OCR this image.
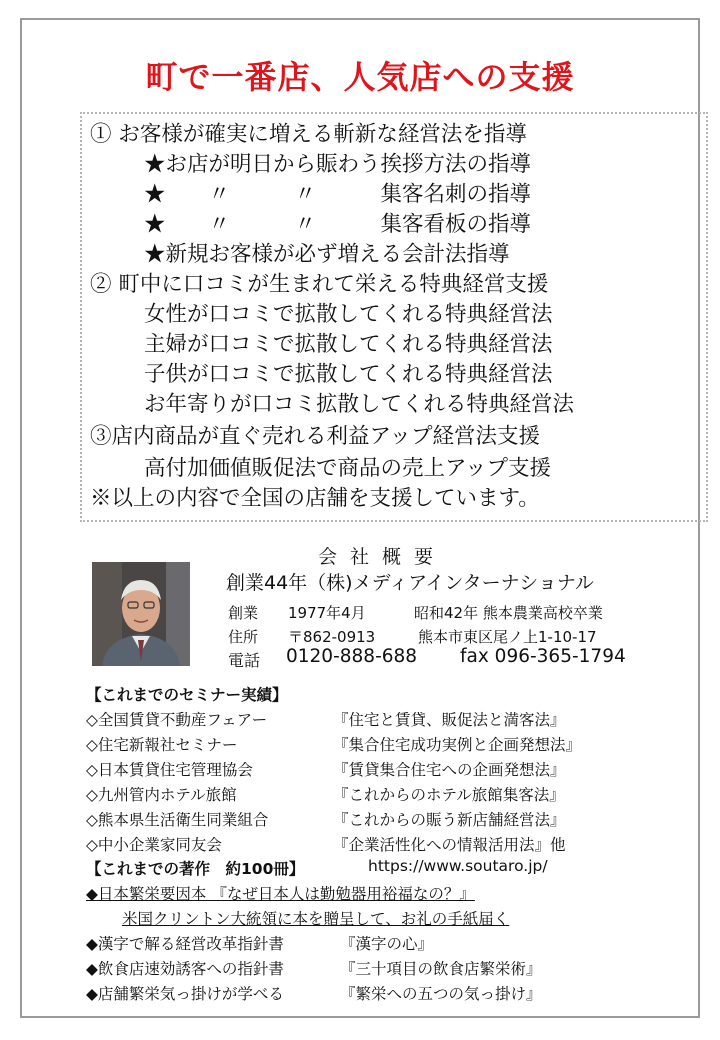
町で一番店、人気店への支援
① お客様が確実に増える斬新な経営法を指導
★お店が明日から賑わう挨拶方法の指導
★　　〃　　　〃　　　集客名刺の指導
★　　〃　　　〃　　　集客看板の指導
★新規お客様が必ず増える会計法指導
② 町中に口コミが生まれて栄える特典経営支援
女性が口コミで拡散してくれる特典経営法
主婦が口コミで拡散してくれる特典経営法
子供が口コミで拡散してくれる特典経営法
お年寄りが口コミ拡散してくれる特典経営法
③店内商品が直ぐ売れる利益アップ経営法支援
高付加価値販促法で商品の売上アップ支援
※以上の内容で全国の店舗を支援しています。
会社概要
創業44年（株)メディアインターナショナル
創業 1977年4月	昭和42年 熊本農業高校卒業
住所 〒862-0913	熊本市東区尾ノ上1-10-17
電話 0120-888-688 fax 096-365-1794
【これまでのセミナー実績】
◇全国賃貸不動産フェアー	『住宅と賃貸、販促法と満客法』
◇住宅新報社セミナー	『集合住宅成功実例と企画発想法』
◇日本賃貸住宅管理協会	『賃貸集合住宅への企画発想法』
◇九州管内ホテル旅館	『これからのホテル旅館集客法』
◇熊本県生活衛生同業組合	『これからの賑う新店舗経営法』
◇中小企業家同友会	『企業活性化への情報活用法』他
【これまでの著作　約100冊】	https://www.soutaro.jp/
◆日本繁栄要因本 『なぜ日本人は勤勉器用裕福なの？』
米国クリントン大統領に本を贈呈して、お礼の手紙届く
◆漢字で解る経営改革指針書	『漢字の心』
◆飲食店速効誘客への指針書	『三十項目の飲食店繁栄術』
◆店舗繁栄気っ掛けが学べる	『繁栄への五つの気っ掛け』
